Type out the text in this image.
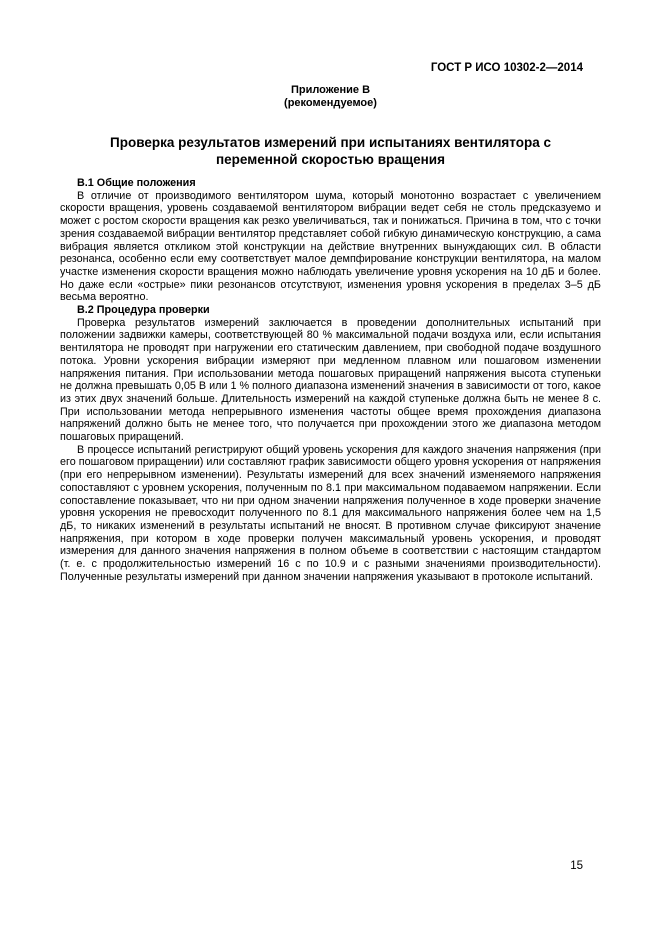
ГОСТ Р ИСО 10302-2—2014
Приложение В
(рекомендуемое)
Проверка результатов измерений при испытаниях вентилятора с
переменной скоростью вращения

В.1 Общие положения

В отличие от производимого вентилятором шума, который монотонно возрастает с увеличением скорости вращения, уровень создаваемой вентилятором вибрации ведет себя не столь предсказуемо и может с ростом скорости вращения как резко увеличиваться, так и понижаться. Причина в том, что с точки зрения создаваемой вибрации вентилятор представляет собой гибкую динамическую конструкцию, а сама вибрация является откликом этой конструкции на действие внутренних вынуждающих сил. В области резонанса, особенно если ему соответствует малое демпфирование конструкции вентилятора, на малом участке изменения скорости вращения можно наблюдать увеличение уровня ускорения на 10 дБ и более. Но даже если «острые» пики резонансов отсутствуют, изменения уровня ускорения в пределах 3–5 дБ весьма вероятно.

В.2 Процедура проверки

Проверка результатов измерений заключается в проведении дополнительных испытаний при положении задвижки камеры, соответствующей 80 % максимальной подачи воздуха или, если испытания вентилятора не проводят при нагружении его статическим давлением, при свободной подаче воздушного потока. Уровни ускорения вибрации измеряют при медленном плавном или пошаговом изменении напряжения питания. При использовании метода пошаговых приращений напряжения высота ступеньки не должна превышать 0,05 В или 1 % полного диапазона изменений значения в зависимости от того, какое из этих двух значений больше. Длительность измерений на каждой ступеньке должна быть не менее 8 с. При использовании метода непрерывного изменения частоты общее время прохождения диапазона напряжений должно быть не менее того, что получается при прохождении этого же диапазона методом пошаговых приращений.

В процессе испытаний регистрируют общий уровень ускорения для каждого значения напряжения (при его пошаговом приращении) или составляют график зависимости общего уровня ускорения от напряжения (при его непрерывном изменении). Результаты измерений для всех значений изменяемого напряжения сопоставляют с уровнем ускорения, полученным по 8.1 при максимальном подаваемом напряжении. Если сопоставление показывает, что ни при одном значении напряжения полученное в ходе проверки значение уровня ускорения не превосходит полученного по 8.1 для максимального напряжения более чем на 1,5 дБ, то никаких изменений в результаты испытаний не вносят. В противном случае фиксируют значение напряжения, при котором в ходе проверки получен максимальный уровень ускорения, и проводят измерения для данного значения напряжения в полном объеме в соответствии с настоящим стандартом (т. е. с продолжительностью измерений 16 с по 10.9 и с разными значениями производительности). Полученные результаты измерений при данном значении напряжения указывают в протоколе испытаний.

15
